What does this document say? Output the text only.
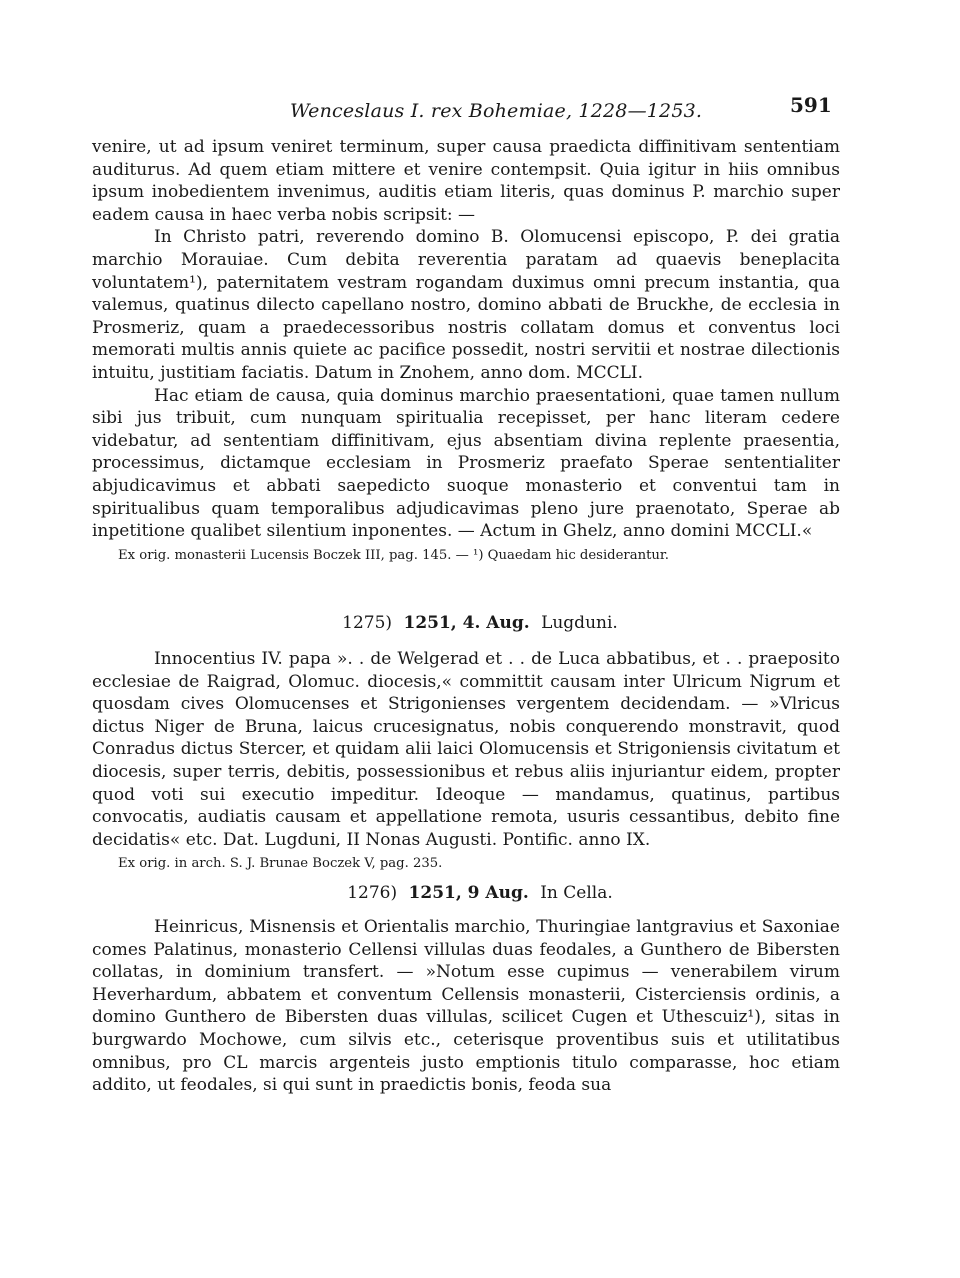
Wenceslaus I. rex Bohemiae, 1228—1253.	591

venire, ut ad ipsum veniret terminum, super causa praedicta diffinitivam sententiam auditurus. Ad quem etiam mittere et venire contempsit. Quia igitur in hiis omnibus ipsum inobedientem invenimus, auditis etiam literis, quas dominus P. marchio super eadem causa in haec verba nobis scripsit: —

In Christo patri, reverendo domino B. Olomucensi episcopo, P. dei gratia marchio Morauiae. Cum debita reverentia paratam ad quaevis beneplacita voluntatem¹), paternitatem vestram rogandam duximus omni precum instantia, qua valemus, quatinus dilecto capellano nostro, domino abbati de Bruckhe, de ecclesia in Prosmeriz, quam a praedecessoribus nostris collatam domus et conventus loci memorati multis annis quiete ac pacifice possedit, nostri servitii et nostrae dilectionis intuitu, justitiam faciatis. Datum in Znohem, anno dom. MCCLI.

Hac etiam de causa, quia dominus marchio praesentationi, quae tamen nullum sibi jus tribuit, cum nunquam spiritualia recepisset, per hanc literam cedere videbatur, ad sententiam diffinitivam, ejus absentiam divina replente praesentia, processimus, dictamque ecclesiam in Prosmeriz praefato Sperae sententialiter abjudicavimus et abbati saepedicto suoque monasterio et conventui tam in spiritualibus quam temporalibus adjudicavimas pleno jure praenotato, Sperae ab inpetitione qualibet silentium inponentes. — Actum in Ghelz, anno domini MCCLI.«

Ex orig. monasterii Lucensis Boczek III, pag. 145. — ¹) Quaedam hic desiderantur.

1275) 1251, 4. Aug. Lugduni.

Innocentius IV. papa ». . de Welgerad et . . de Luca abbatibus, et . . praeposito ecclesiae de Raigrad, Olomuc. diocesis,« committit causam inter Ulricum Nigrum et quosdam cives Olomucenses et Strigonienses vergentem decidendam. — »Vlricus dictus Niger de Bruna, laicus crucesignatus, nobis conquerendo monstravit, quod Conradus dictus Stercer, et quidam alii laici Olomucensis et Strigoniensis civitatum et diocesis, super terris, debitis, possessionibus et rebus aliis injuriantur eidem, propter quod voti sui executio impeditur. Ideoque — mandamus, quatinus, partibus convocatis, audiatis causam et appellatione remota, usuris cessantibus, debito fine decidatis« etc. Dat. Lugduni, II Nonas Augusti. Pontific. anno IX.

Ex orig. in arch. S. J. Brunae Boczek V, pag. 235.

1276) 1251, 9 Aug. In Cella.

Heinricus, Misnensis et Orientalis marchio, Thuringiae lantgravius et Saxoniae comes Palatinus, monasterio Cellensi villulas duas feodales, a Gunthero de Bibersten collatas, in dominium transfert. — »Notum esse cupimus — venerabilem virum Heverhardum, abbatem et conventum Cellensis monasterii, Cisterciensis ordinis, a domino Gunthero de Bibersten duas villulas, scilicet Cugen et Uthescuiz¹), sitas in burgwardo Mochowe, cum silvis etc., ceterisque proventibus suis et utilitatibus omnibus, pro CL marcis argenteis justo emptionis titulo comparasse, hoc etiam addito, ut feodales, si qui sunt in praedictis bonis, feoda sua
